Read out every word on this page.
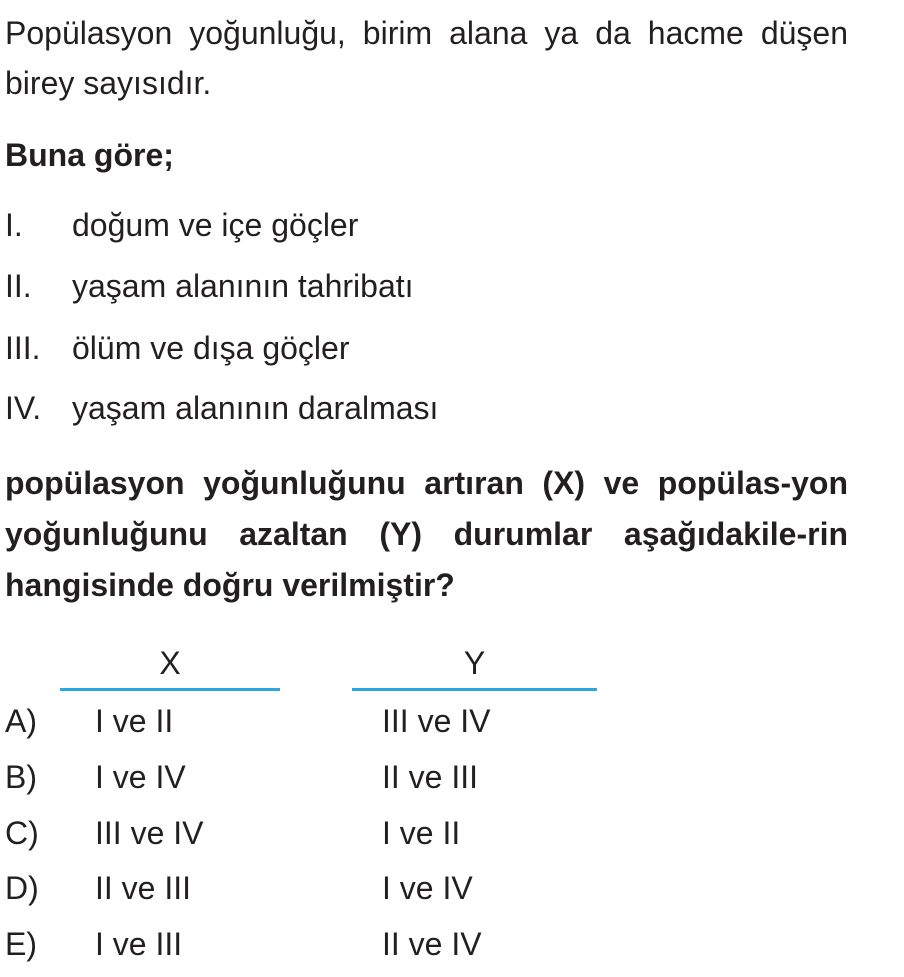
Popülasyon yoğunluğu, birim alana ya da hacme düşen birey sayısıdır.
Buna göre;
I. doğum ve içe göçler
II. yaşam alanının tahribatı
III. ölüm ve dışa göçler
IV. yaşam alanının daralması
popülasyon yoğunluğunu artıran (X) ve popülas-yon yoğunluğunu azaltan (Y) durumlar aşağıdakile-rin hangisinde doğru verilmiştir?
X	Y
A) I ve II	III ve IV
B) I ve IV	II ve III
C) III ve IV	I ve II
D) II ve III	I ve IV
E) I ve III	II ve IV
